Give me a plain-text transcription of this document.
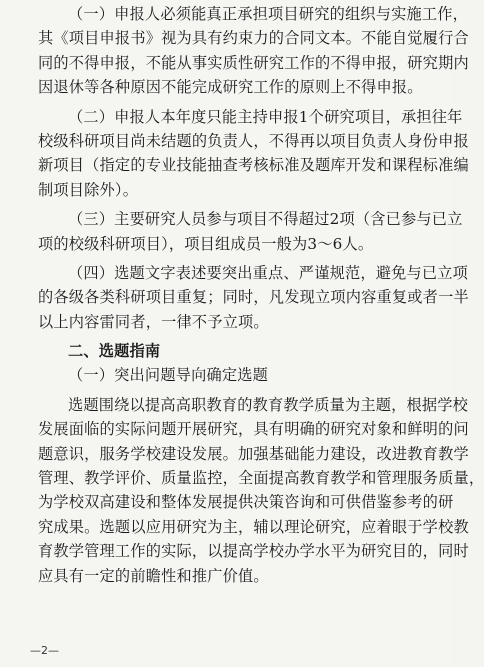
（一）申报人必须能真正承担项目研究的组织与实施工作，
其《项目申报书》视为具有约束力的合同文本。不能自觉履行合
同的不得申报，不能从事实质性研究工作的不得申报，研究期内
因退休等各种原因不能完成研究工作的原则上不得申报。
（二）申报人本年度只能主持申报1个研究项目，承担往年
校级科研项目尚未结题的负责人，不得再以项目负责人身份申报
新项目（指定的专业技能抽查考核标准及题库开发和课程标准编
制项目除外）。
（三）主要研究人员参与项目不得超过2项（含已参与已立
项的校级科研项目），项目组成员一般为3～6人。
（四）选题文字表述要突出重点、严谨规范，避免与已立项
的各级各类科研项目重复；同时，凡发现立项内容重复或者一半
以上内容雷同者，一律不予立项。
二、选题指南
（一）突出问题导向确定选题
选题围绕以提高高职教育的教育教学质量为主题，根据学校
发展面临的实际问题开展研究，具有明确的研究对象和鲜明的问
题意识，服务学校建设发展。加强基础能力建设，改进教育教学
管理、教学评价、质量监控，全面提高教育教学和管理服务质量，
为学校双高建设和整体发展提供决策咨询和可供借鉴参考的研
究成果。选题以应用研究为主，辅以理论研究，应着眼于学校教
育教学管理工作的实际，以提高学校办学水平为研究目的，同时
应具有一定的前瞻性和推广价值。
—2—
